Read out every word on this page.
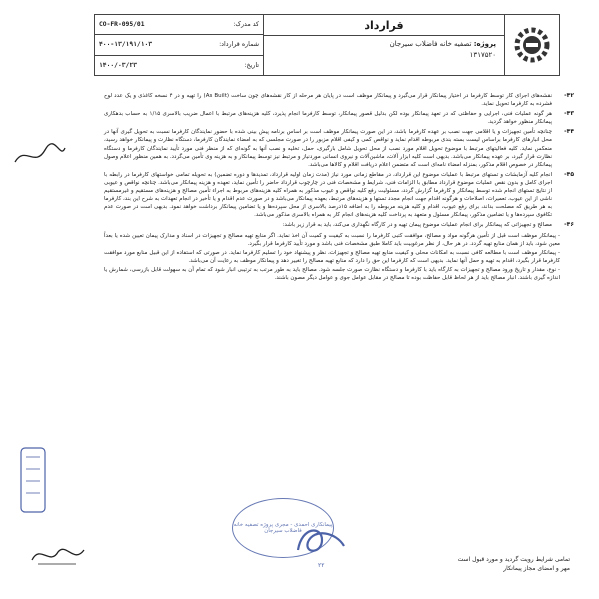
کد مدرک:
CO-FR-095/01
شماره قرارداد:
۴۰۰-۱۳/۱۹۱/۱۰۳
تاریخ:
۱۴۰۰/۰۳/۲۳
قرارداد
پروژه: تصفیه خانه فاضلاب سیرجان
۱۳۱۷۵۲۰
-۴۲
نقشه‌های اجرای کار توسط کارفرما در اختیار پیمانکار قرار می‌گیرد و پیمانکار موظف است در پایان هر مرحله از کار نقشه‌های چون ساخت (As Built) را تهیه و در ۴ نسخه کاغذی و یک عدد لوح فشرده به کارفرما تحویل نماید.
-۴۳
هر گونه عملیات فنی، اجرایی و حفاظتی که در تعهد پیمانکار بوده لکن بدلیل قصور پیمانکار، توسط کارفرما انجام پذیرد، کلیه هزینه‌های مرتبط با اعمال ضریب بالاسری ۱/۱۵ به حساب بدهکاری پیمانکار منظور خواهد گردید.
-۴۴
چنانچه تأمین تجهیزات و یا اقلامی جهت نصب بر عهده کارفرما باشد، در این صورت پیمانکار موظف است بر اساس برنامه پیش بینی شده با حضور نمایندگان کارفرما نسبت به تحویل گیری آنها در محل انبارهای کارفرما براساس لیست بسته بندی مربوطه اقدام نماید و نواقص کمی و کیفی اقلام مزبور را در صورت مجلسی که به امضاء نمایندگان کارفرما، دستگاه نظارت و پیمانکار خواهد رسید، منعکس نماید. کلیه فعالیتهای مرتبط با موضوع تحویل اقلام مورد نصب از محل تحویل شامل بارگیری، حمل، تخلیه و نصب آنها به گونه‌ای که از منظر فنی مورد تأیید نمایندگان کارفرما و دستگاه نظارت قرار گیرد، بر عهده پیمانکار می‌باشد. بدیهی است کلیه ابزار آلات، ماشین‌آلات و نیروی انسانی موردنیاز و مرتبط نیز توسط پیمانکار و به هزینه وی تأمین می‌گردد. به همین منظور اعلام وصول پیمانکار در خصوص اقلام مذکور، بمنزله امضاء نامه‌ای است که متضمن اعلام دریافت اقلام و کالاها می‌باشد.
-۴۵
انجام کلیه آزمایشات و تستهای مرتبط با عملیات موضوع این قرارداد، در مقاطع زمانی مورد نیاز (مدت زمان اولیه قرارداد، تمدیدها و دوره تضمین) به تحویله تمامی خواستهای کارفرما در رابطه با اجرای کامل و بدون نقص عملیات موضوع قرارداد مطابق با الزامات فنی، شرایط و مشخصات فنی در چارچوب قرارداد حاضر را تأمین نماید، تعهده و هزینه پیمانکار می‌باشد. چنانچه نواقص و عیوبی از نتایج تستهای انجام شده توسط پیمانکار و کارفرما گزارش گردد، مسئولیت رفع کلیه نواقص و عیوب مذکور به همراه کلیه هزینه‌های مربوط به اجراء تأمین مصالح و هزینه‌های مستقیم و غیرمستقیم ناشی از این عیوب، تعمیرات، اصلاحات و هرگونه اقدام جهت انجام مجدد تستها و هزینه‌های مرتبط، بعهده پیمانکار می‌باشد و در صورت عدم اقدام و یا تأخیر در انجام تعهدات به شرح این بند، کارفرما به هر طریق که مصلحت بداند، برای رفع عیوب، اقدام و کلیه هزینه مربوطه را به اضافه ۱۵درصد بالاسری از محل سپرده‌ها و یا تضامین پیمانکار برداشت خواهد نمود. بدیهی است در صورت عدم تکافوی سپرده‌ها و یا تضامین مذکور، پیمانکار مسئول و متعهد به پرداخت کلیه هزینه‌های انجام کار به همراه بالاسری مذکور می‌باشد.
-۴۶
مصالح و تجهیزاتی که پیمانکار برای انجام عملیات موضوع پیمان تهیه و در کارگاه نگهداری می‌کند، باید به قرار زیر باشد:
- پیمانکار موظف است قبل از تأمین هرگونه مواد و مصالح، موافقت کتبی کارفرما را نسبت به کیفیت و کمیت آن اخذ نماید. اگر منابع تهیه مصالح و تجهیزات در اسناد و مدارک پیمان تعیین شده یا بعداً معین شود، باید از همان منابع تهیه گردد. در هر حال، از نظر مرغوبیت باید کاملا طبق مشخصات فنی باشد و مورد تأیید کارفرما قرار بگیرد.
- پیمانکار موظف است با مطالعه کافی نسبت به امکانات محلی و کیفیت منابع تهیه مصالح و تجهیزات، نظر و پیشنهاد خود را تسلیم کارفرما نماید. در صورتی که استفاده از این قبیل منابع مورد موافقت کارفرما قرار بگیرد، اقدام به تهیه و حمل آنها نماید. بدیهی است که کارفرما این حق را دارد که منابع تهیه مصالح را تغییر دهد و پیمانکار موظف به رعایت آن می‌باشد.
- نوع، مقدار و تاریخ ورود مصالح و تجهیزات به کارگاه باید با کارفرما و دستگاه نظارت صورت جلسه شود. مصالح باید به طور مرتب به ترتیبی انبار شود که تمام آن به سهولت قابل بازرسی، شمارش یا اندازه گیری باشند. انبار مصالح باید از هر لحاظ قابل حفاظت بوده تا مصالح در مقابل عوامل جوی و عوامل دیگر مصون باشند.
پیمانکاری احمدی - مجری پروژه تصفیه خانه فاضلاب سیرجان
۲۲
تمامی شرایط رویت گردید و مورد قبول است
مهر و امضای مجاز پیمانکار
